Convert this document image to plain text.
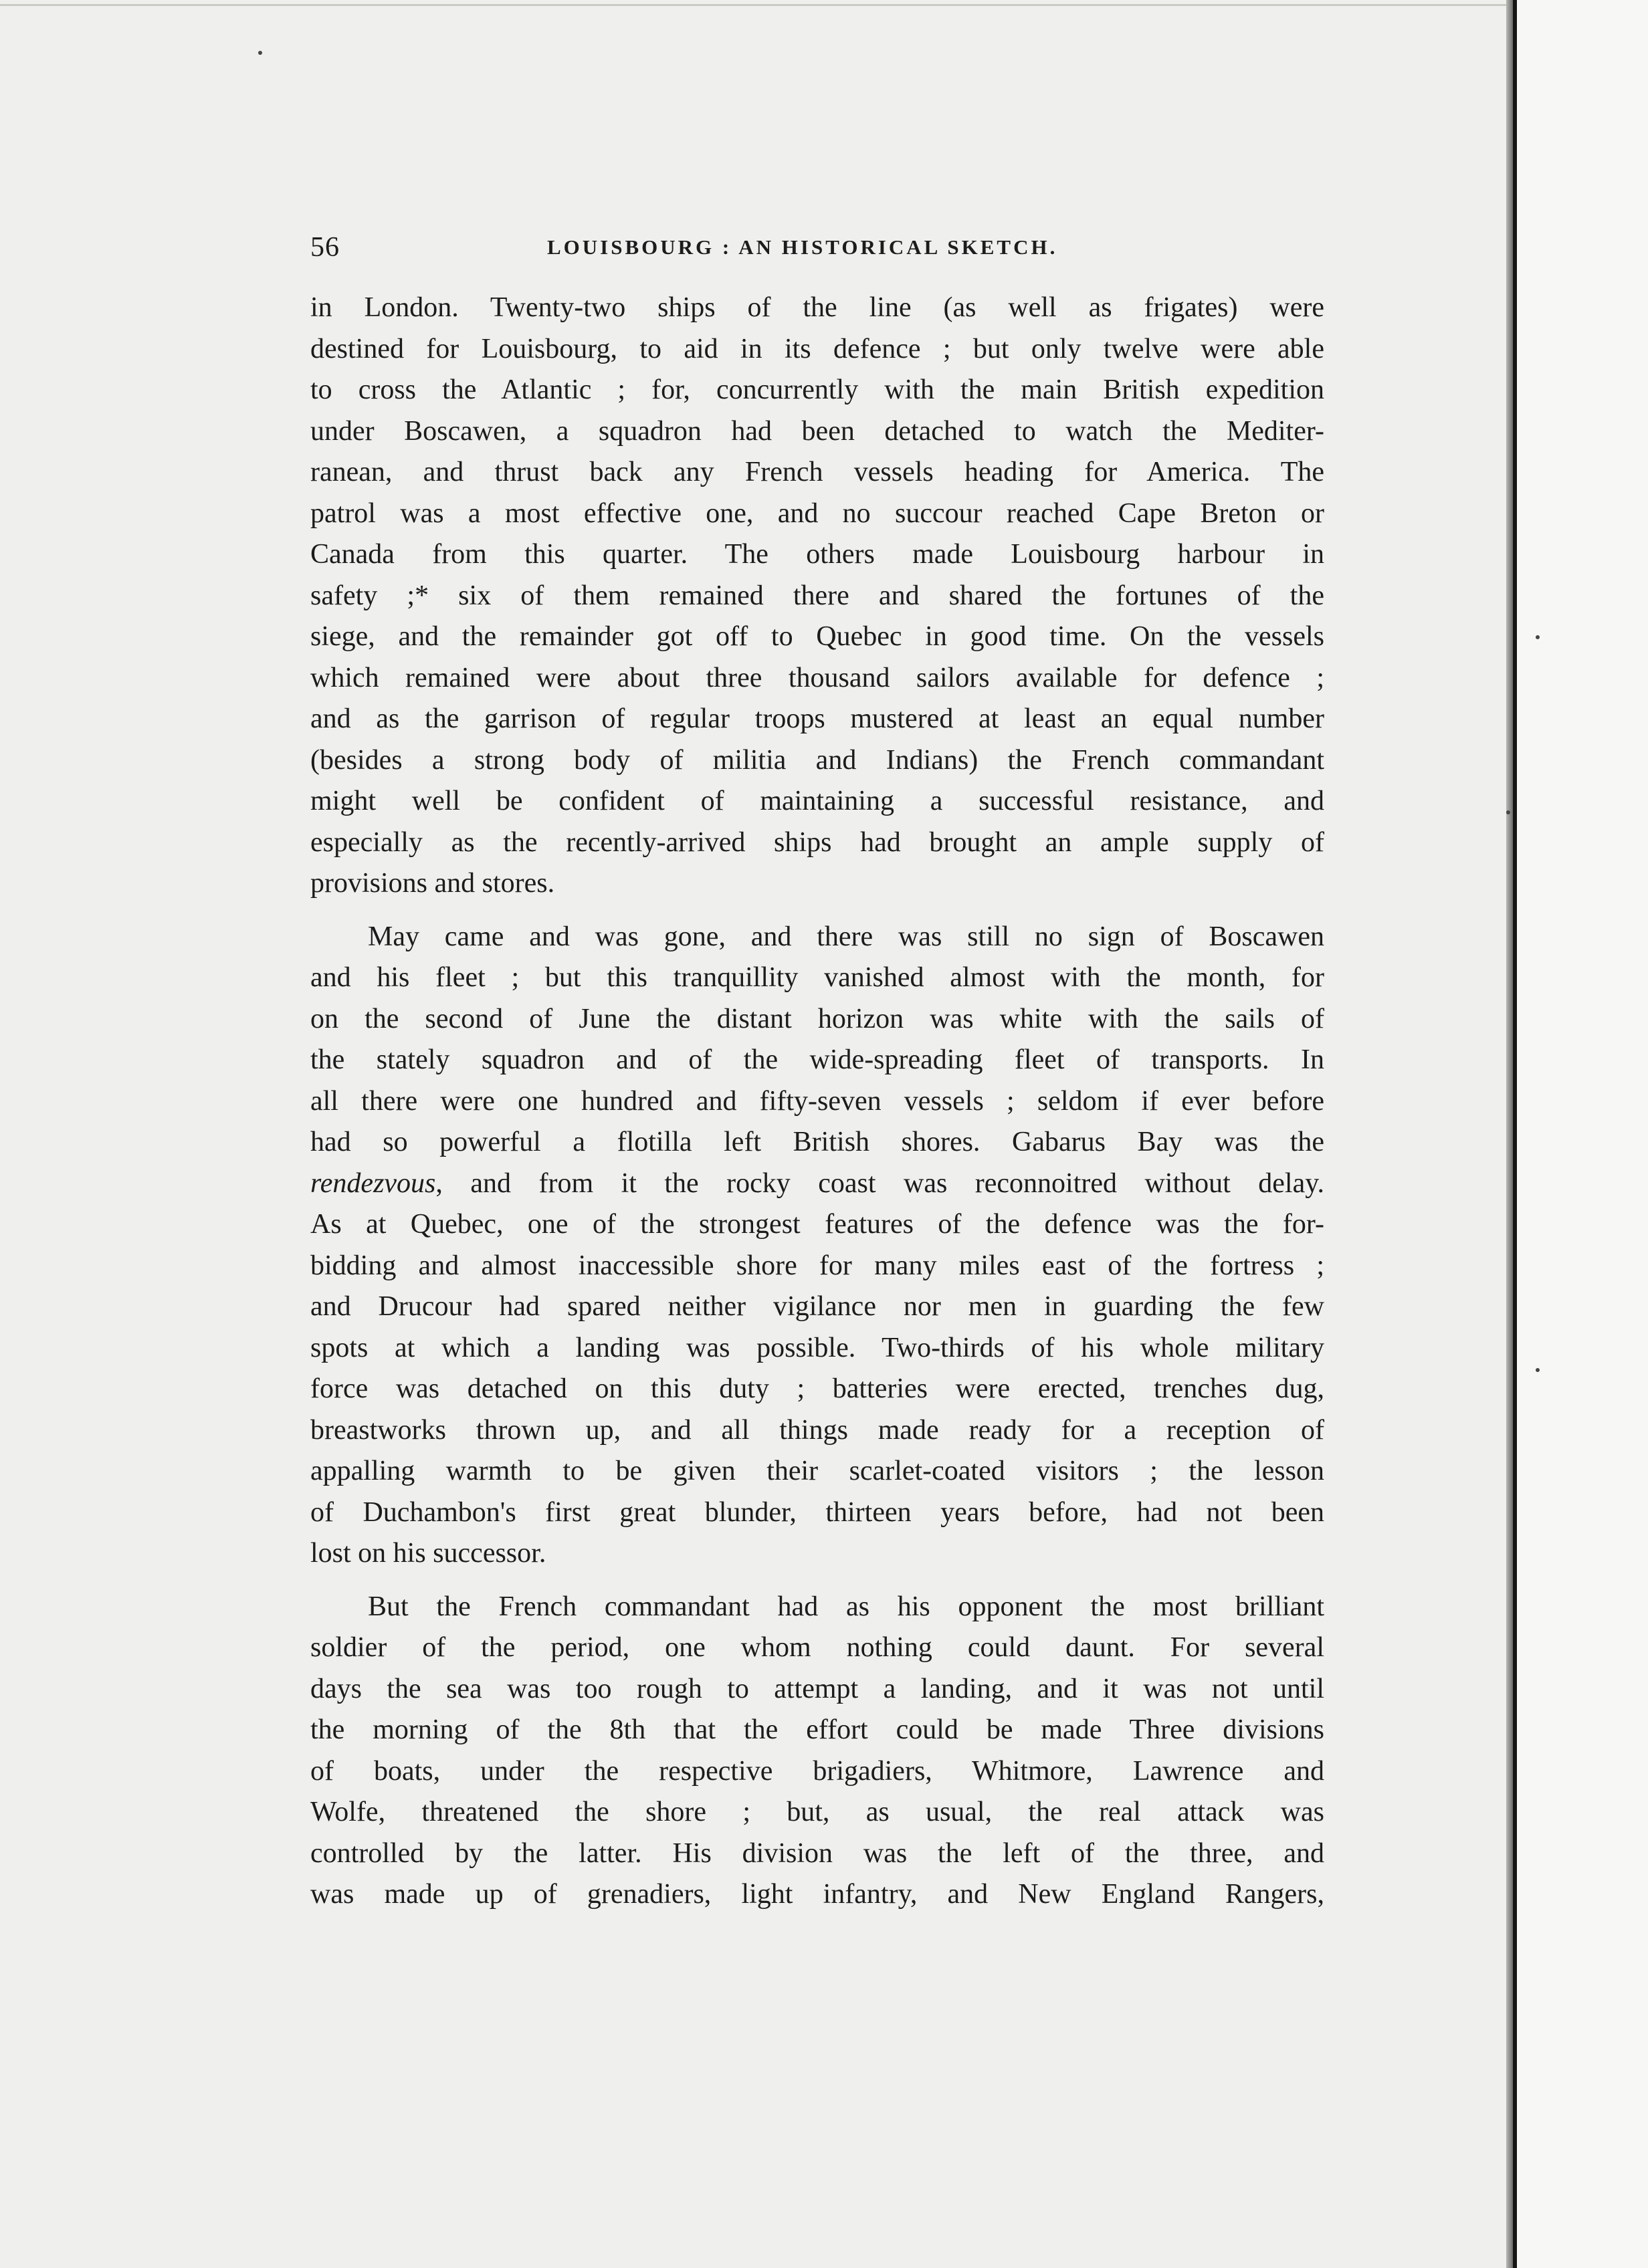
56	LOUISBOURG : AN HISTORICAL SKETCH.
in London. Twenty-two ships of the line (as well as frigates) were
destined for Louisbourg, to aid in its defence ; but only twelve were able
to cross the Atlantic ; for, concurrently with the main British expedition
under Boscawen, a squadron had been detached to watch the Mediter-
ranean, and thrust back any French vessels heading for America. The
patrol was a most effective one, and no succour reached Cape Breton or
Canada from this quarter. The others made Louisbourg harbour in
safety ;* six of them remained there and shared the fortunes of the
siege, and the remainder got off to Quebec in good time. On the vessels
which remained were about three thousand sailors available for defence ;
and as the garrison of regular troops mustered at least an equal number
(besides a strong body of militia and Indians) the French commandant
might well be confident of maintaining a successful resistance, and
especially as the recently-arrived ships had brought an ample supply of
provisions and stores.
May came and was gone, and there was still no sign of Boscawen
and his fleet ; but this tranquillity vanished almost with the month, for
on the second of June the distant horizon was white with the sails of
the stately squadron and of the wide-spreading fleet of transports. In
all there were one hundred and fifty-seven vessels ; seldom if ever before
had so powerful a flotilla left British shores. Gabarus Bay was the
rendezvous, and from it the rocky coast was reconnoitred without delay.
As at Quebec, one of the strongest features of the defence was the for-
bidding and almost inaccessible shore for many miles east of the fortress ;
and Drucour had spared neither vigilance nor men in guarding the few
spots at which a landing was possible. Two-thirds of his whole military
force was detached on this duty ; batteries were erected, trenches dug,
breastworks thrown up, and all things made ready for a reception of
appalling warmth to be given their scarlet-coated visitors ; the lesson
of Duchambon's first great blunder, thirteen years before, had not been
lost on his successor.
But the French commandant had as his opponent the most brilliant
soldier of the period, one whom nothing could daunt. For several
days the sea was too rough to attempt a landing, and it was not until
the morning of the 8th that the effort could be made Three divisions
of boats, under the respective brigadiers, Whitmore, Lawrence and
Wolfe, threatened the shore ; but, as usual, the real attack was
controlled by the latter. His division was the left of the three, and
was made up of grenadiers, light infantry, and New England Rangers,
